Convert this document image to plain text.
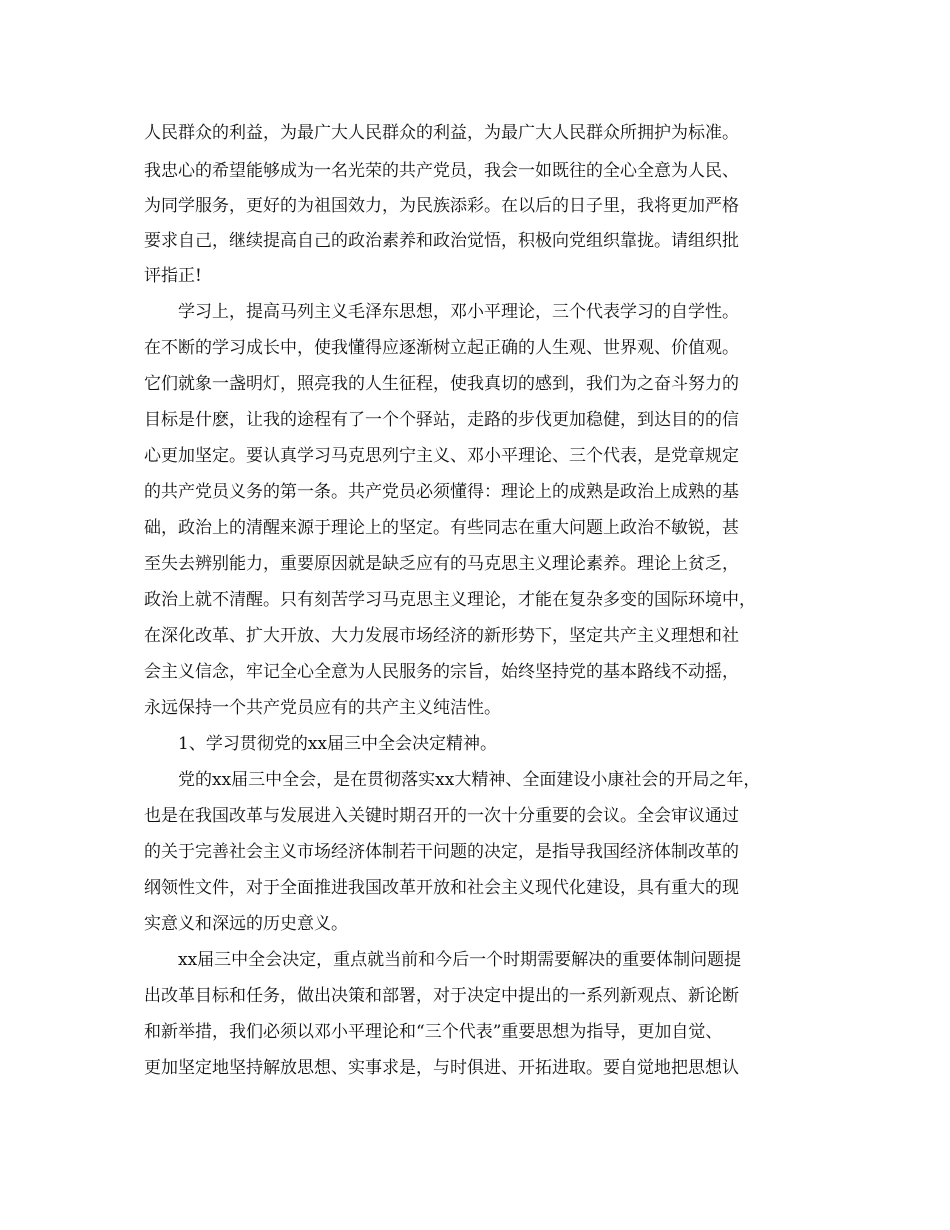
人民群众的利益，为最广大人民群众的利益，为最广大人民群众所拥护为标准。
我忠心的希望能够成为一名光荣的共产党员，我会一如既往的全心全意为人民、
为同学服务，更好的为祖国效力，为民族添彩。在以后的日子里，我将更加严格
要求自己，继续提高自己的政治素养和政治觉悟，积极向党组织靠拢。请组织批
评指正!
　　学习上，提高马列主义毛泽东思想，邓小平理论，三个代表学习的自学性。
在不断的学习成长中，使我懂得应逐渐树立起正确的人生观、世界观、价值观。
它们就象一盏明灯，照亮我的人生征程，使我真切的感到，我们为之奋斗努力的
目标是什麽，让我的途程有了一个个驿站，走路的步伐更加稳健，到达目的的信
心更加坚定。要认真学习马克思列宁主义、邓小平理论、三个代表，是党章规定
的共产党员义务的第一条。共产党员必须懂得：理论上的成熟是政治上成熟的基
础，政治上的清醒来源于理论上的坚定。有些同志在重大问题上政治不敏锐，甚
至失去辨别能力，重要原因就是缺乏应有的马克思主义理论素养。理论上贫乏，
政治上就不清醒。只有刻苦学习马克思主义理论，才能在复杂多变的国际环境中，
在深化改革、扩大开放、大力发展市场经济的新形势下，坚定共产主义理想和社
会主义信念，牢记全心全意为人民服务的宗旨，始终坚持党的基本路线不动摇，
永远保持一个共产党员应有的共产主义纯洁性。
　　1、学习贯彻党的xx届三中全会决定精神。
　　党的xx届三中全会，是在贯彻落实xx大精神、全面建设小康社会的开局之年，
也是在我国改革与发展进入关键时期召开的一次十分重要的会议。全会审议通过
的关于完善社会主义市场经济体制若干问题的决定，是指导我国经济体制改革的
纲领性文件，对于全面推进我国改革开放和社会主义现代化建设，具有重大的现
实意义和深远的历史意义。
　　xx届三中全会决定，重点就当前和今后一个时期需要解决的重要体制问题提
出改革目标和任务，做出决策和部署，对于决定中提出的一系列新观点、新论断
和新举措，我们必须以邓小平理论和“三个代表”重要思想为指导，更加自觉、
更加坚定地坚持解放思想、实事求是，与时俱进、开拓进取。要自觉地把思想认
